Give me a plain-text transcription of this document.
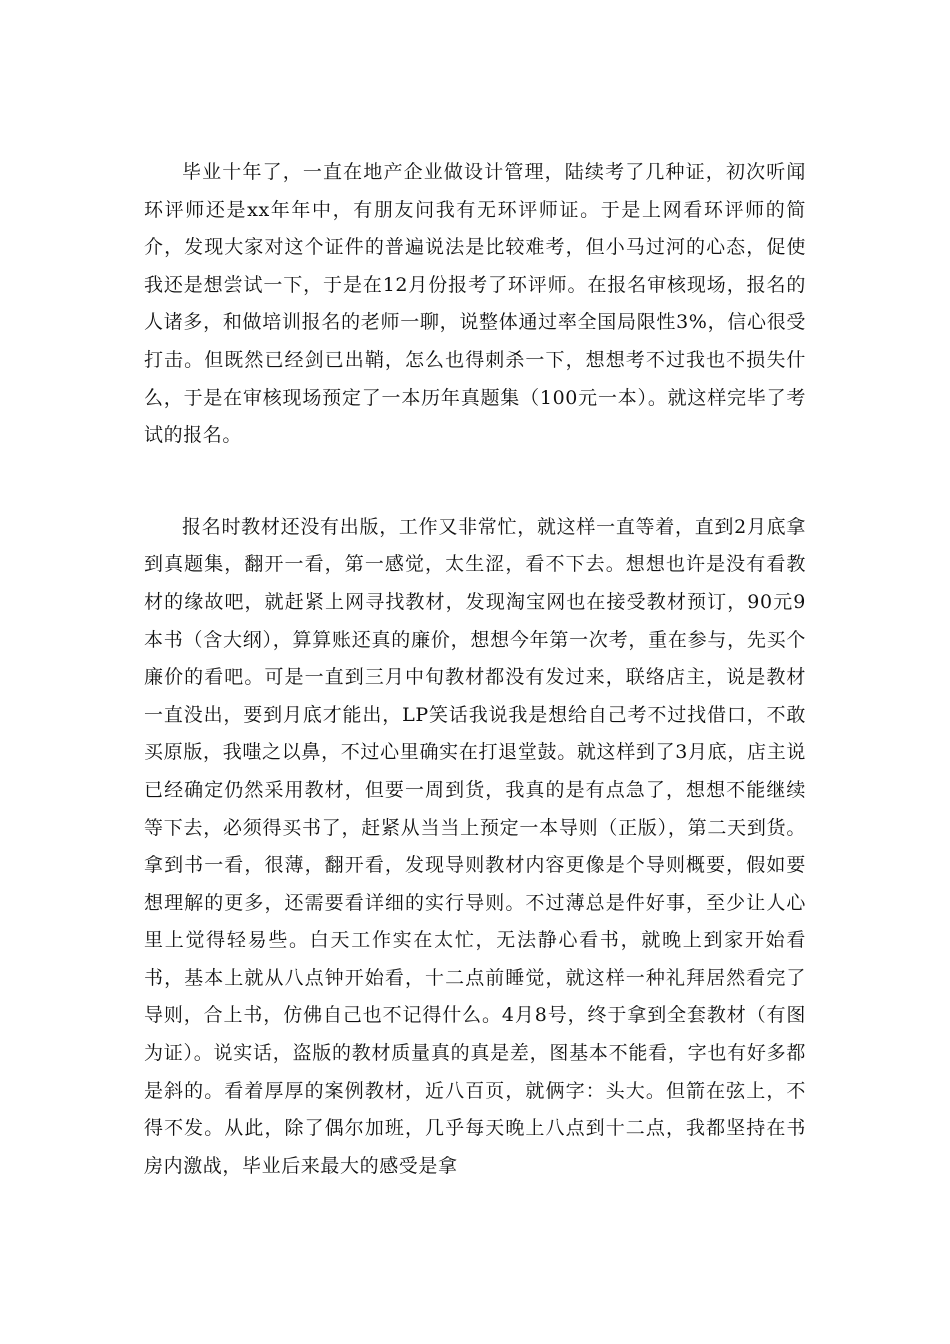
毕业十年了，一直在地产企业做设计管理，陆续考了几种证，初次听闻环评师还是xx年年中，有朋友问我有无环评师证。于是上网看环评师的简介，发现大家对这个证件的普遍说法是比较难考，但小马过河的心态，促使我还是想尝试一下，于是在12月份报考了环评师。在报名审核现场，报名的人诸多，和做培训报名的老师一聊，说整体通过率全国局限性3%，信心很受打击。但既然已经剑已出鞘，怎么也得刺杀一下，想想考不过我也不损失什么，于是在审核现场预定了一本历年真题集（100元一本）。就这样完毕了考试的报名。

报名时教材还没有出版，工作又非常忙，就这样一直等着，直到2月底拿到真题集，翻开一看，第一感觉，太生涩，看不下去。想想也许是没有看教材的缘故吧，就赶紧上网寻找教材，发现淘宝网也在接受教材预订，90元9本书（含大纲），算算账还真的廉价，想想今年第一次考，重在参与，先买个廉价的看吧。可是一直到三月中旬教材都没有发过来，联络店主，说是教材一直没出，要到月底才能出，LP笑话我说我是想给自己考不过找借口，不敢买原版，我嗤之以鼻，不过心里确实在打退堂鼓。就这样到了3月底，店主说已经确定仍然采用教材，但要一周到货，我真的是有点急了，想想不能继续等下去，必须得买书了，赶紧从当当上预定一本导则（正版），第二天到货。拿到书一看，很薄，翻开看，发现导则教材内容更像是个导则概要，假如要想理解的更多，还需要看详细的实行导则。不过薄总是件好事，至少让人心里上觉得轻易些。白天工作实在太忙，无法静心看书，就晚上到家开始看书，基本上就从八点钟开始看，十二点前睡觉，就这样一种礼拜居然看完了导则，合上书，仿佛自己也不记得什么。4月8号，终于拿到全套教材（有图为证）。说实话，盗版的教材质量真的真是差，图基本不能看，字也有好多都是斜的。看着厚厚的案例教材，近八百页，就俩字：头大。但箭在弦上，不得不发。从此，除了偶尔加班，几乎每天晚上八点到十二点，我都坚持在书房内激战，毕业后来最大的感受是拿
